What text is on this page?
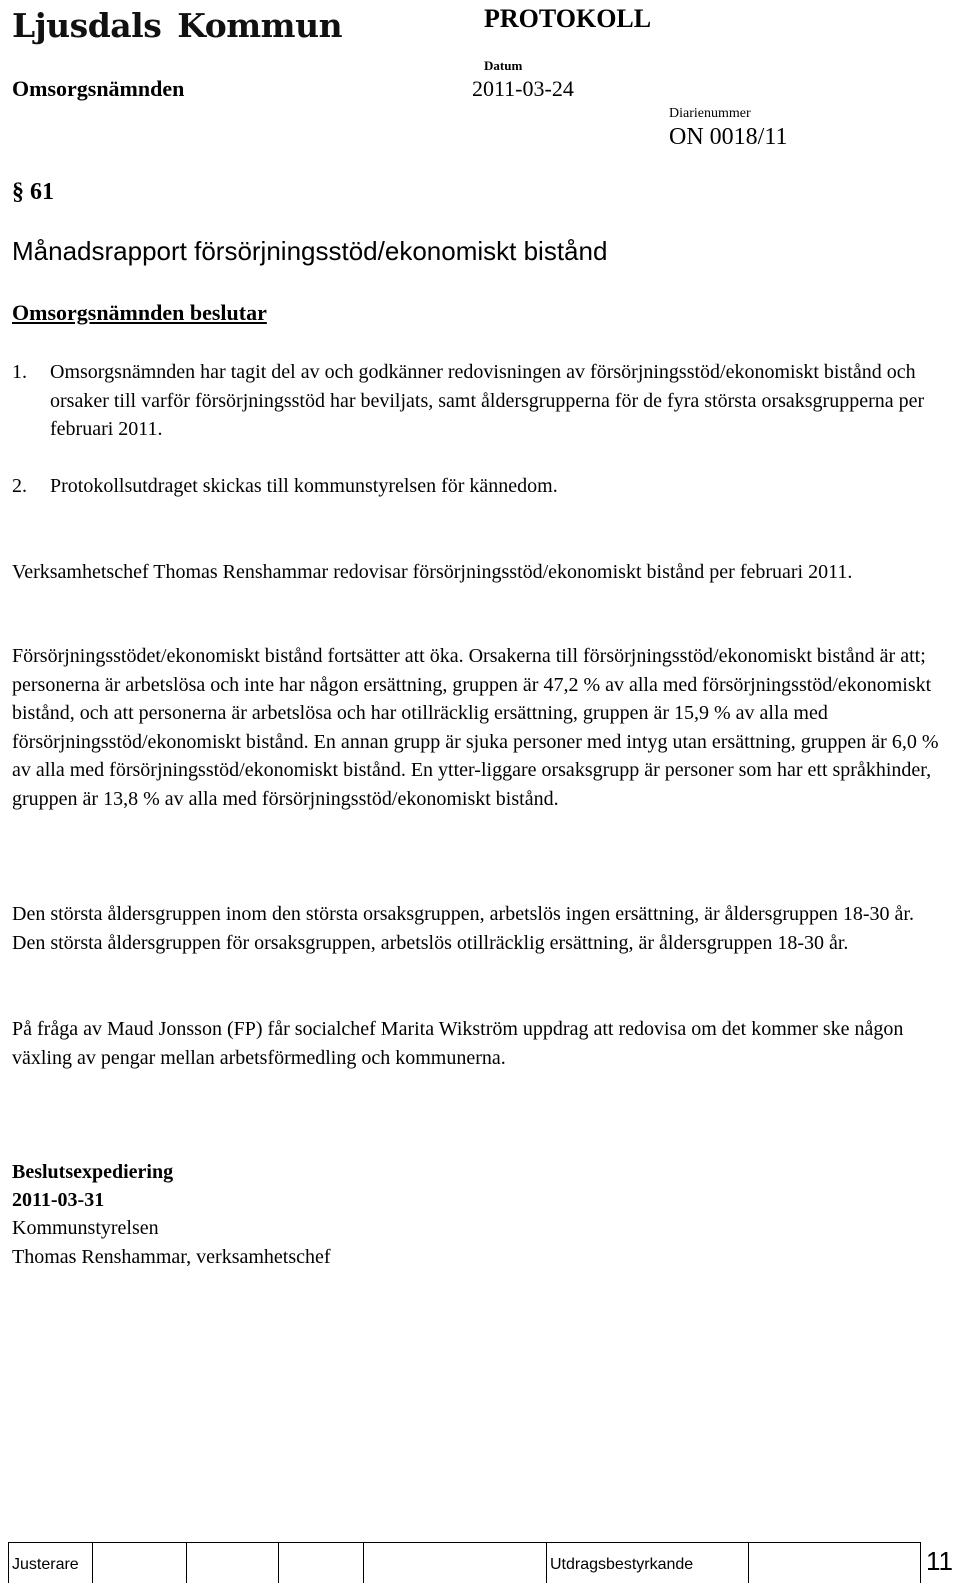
Ljusdals Kommun	PROTOKOLL
Omsorgsnämnden
Datum
2011-03-24
Diarienummer
ON 0018/11
§ 61
Månadsrapport försörjningsstöd/ekonomiskt bistånd
Omsorgsnämnden beslutar
1. Omsorgsnämnden har tagit del av och godkänner redovisningen av försörjningsstöd/ekonomiskt bistånd och orsaker till varför försörjningsstöd har beviljats, samt åldersgrupperna för de fyra största orsaksgrupperna per februari 2011.
2. Protokollsutdraget skickas till kommunstyrelsen för kännedom.
Verksamhetschef Thomas Renshammar redovisar försörjningsstöd/ekonomiskt bistånd per februari 2011.
Försörjningsstödet/ekonomiskt bistånd fortsätter att öka. Orsakerna till försörjningsstöd/ekonomiskt bistånd är att; personerna är arbetslösa och inte har någon ersättning, gruppen är 47,2 % av alla med försörjningsstöd/ekonomiskt bistånd, och att personerna är arbetslösa och har otillräcklig ersättning, gruppen är 15,9 % av alla med försörjningsstöd/ekonomiskt bistånd. En annan grupp är sjuka personer med intyg utan ersättning, gruppen är 6,0 % av alla med försörjningsstöd/ekonomiskt bistånd. En ytter-liggare orsaksgrupp är personer som har ett språkhinder, gruppen är 13,8 % av alla med försörjningsstöd/ekonomiskt bistånd.
Den största åldersgruppen inom den största orsaksgruppen, arbetslös ingen ersättning, är åldersgruppen 18-30 år. Den största åldersgruppen för orsaksgruppen, arbetslös otillräcklig ersättning, är åldersgruppen 18-30 år.
På fråga av Maud Jonsson (FP) får socialchef Marita Wikström uppdrag att redovisa om det kommer ske någon växling av pengar mellan arbetsförmedling och kommunerna.
Beslutsexpediering
2011-03-31
Kommunstyrelsen
Thomas Renshammar, verksamhetschef
Justerare	Utdragsbestyrkande	11
